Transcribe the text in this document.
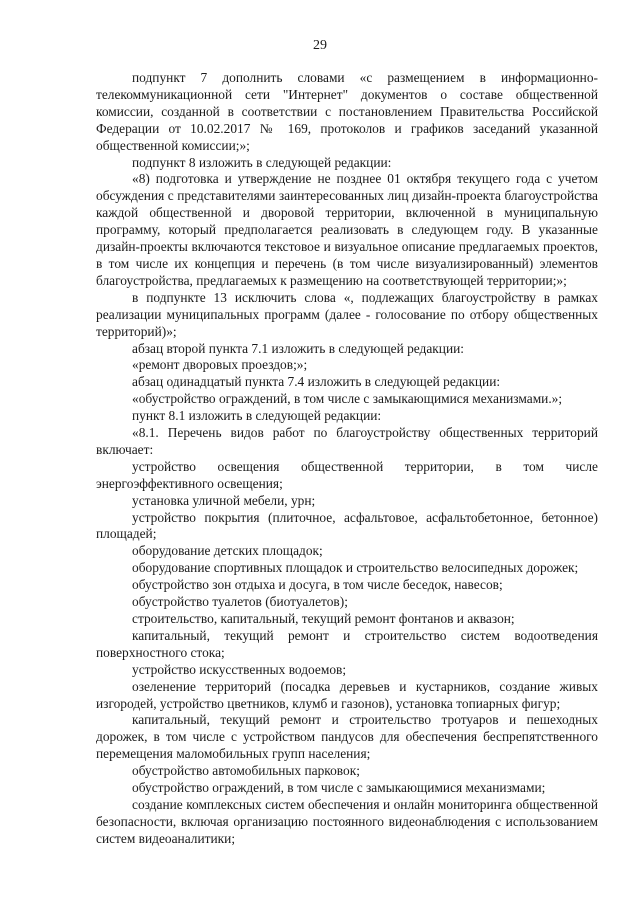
29

подпункт 7 дополнить словами «с размещением в информационно-телекоммуникационной сети "Интернет" документов о составе общественной комиссии, созданной в соответствии с постановлением Правительства Российской Федерации от 10.02.2017 № 169, протоколов и графиков заседаний указанной общественной комиссии;»;

подпункт 8 изложить в следующей редакции:

«8) подготовка и утверждение не позднее 01 октября текущего года с учетом обсуждения с представителями заинтересованных лиц дизайн-проекта благоустройства каждой общественной и дворовой территории, включенной в муниципальную программу, который предполагается реализовать в следующем году. В указанные дизайн-проекты включаются текстовое и визуальное описание предлагаемых проектов, в том числе их концепция и перечень (в том числе визуализированный) элементов благоустройства, предлагаемых к размещению на соответствующей территории;»;

в подпункте 13 исключить слова «, подлежащих благоустройству в рамках реализации муниципальных программ (далее - голосование по отбору общественных территорий)»;

абзац второй пункта 7.1 изложить в следующей редакции:

«ремонт дворовых проездов;»;

абзац одинадцатый пункта 7.4 изложить в следующей редакции:

«обустройство ограждений, в том числе с замыкающимися механизмами.»;

пункт 8.1 изложить в следующей редакции:

«8.1. Перечень видов работ по благоустройству общественных территорий включает:

устройство освещения общественной территории, в том числе энергоэффективного освещения;

установка уличной мебели, урн;

устройство покрытия (плиточное, асфальтовое, асфальтобетонное, бетонное) площадей;

оборудование детских площадок;

оборудование спортивных площадок и строительство велосипедных дорожек;

обустройство зон отдыха и досуга, в том числе беседок, навесов;

обустройство туалетов (биотуалетов);

строительство, капитальный, текущий ремонт фонтанов и аквазон;

капитальный, текущий ремонт и строительство систем водоотведения поверхностного стока;

устройство искусственных водоемов;

озеленение территорий (посадка деревьев и кустарников, создание живых изгородей, устройство цветников, клумб и газонов), установка топиарных фигур;

капитальный, текущий ремонт и строительство тротуаров и пешеходных дорожек, в том числе с устройством пандусов для обеспечения беспрепятственного перемещения маломобильных групп населения;

обустройство автомобильных парковок;

обустройство ограждений, в том числе с замыкающимися механизмами;

создание комплексных систем обеспечения и онлайн мониторинга общественной безопасности, включая организацию постоянного видеонаблюдения с использованием систем видеоаналитики;
